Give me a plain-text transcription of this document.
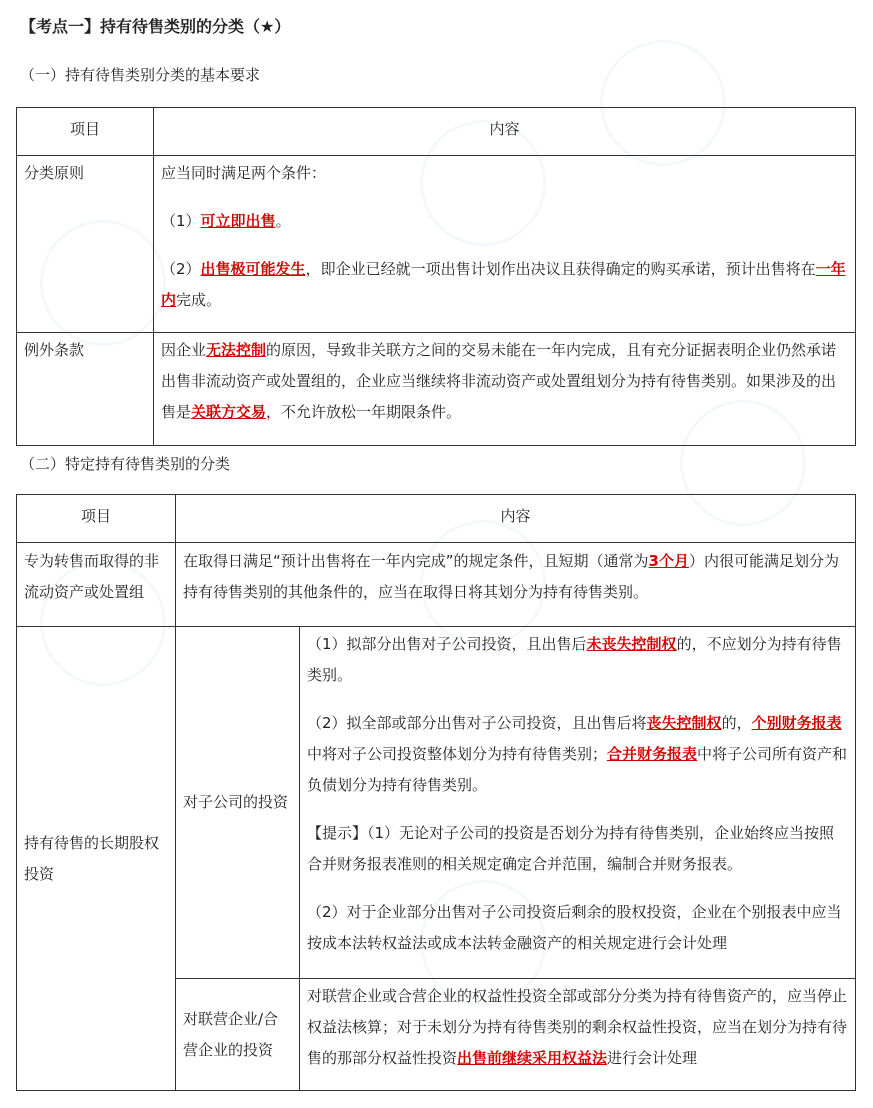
【考点一】持有待售类别的分类（★）
（一）持有待售类别分类的基本要求
项目	内容
分类原则	应当同时满足两个条件：

（1）可立即出售。

（2）出售极可能发生，即企业已经就一项出售计划作出决议且获得确定的购买承诺，预计出售将在一年内完成。

例外条款	因企业无法控制的原因，导致非关联方之间的交易未能在一年内完成，且有充分证据表明企业仍然承诺出售非流动资产或处置组的，企业应当继续将非流动资产或处置组划分为持有待售类别。如果涉及的出售是关联方交易，不允许放松一年期限条件。

（二）特定持有待售类别的分类
项目	内容	
专为转售而取得的非流动资产或处置组	在取得日满足“预计出售将在一年内完成”的规定条件，且短期（通常为3个月）内很可能满足划分为持有待售类别的其他条件的，应当在取得日将其划分为持有待售类别。	

持有待售的长期股权投资	对子公司的投资	（1）拟部分出售对子公司投资，且出售后未丧失控制权的，不应划分为持有待售类别。

（2）拟全部或部分出售对子公司投资，且出售后将丧失控制权的，个别财务报表中将对子公司投资整体划分为持有待售类别；合并财务报表中将子公司所有资产和负债划分为持有待售类别。

【提示】（1）无论对子公司的投资是否划分为持有待售类别，企业始终应当按照合并财务报表准则的相关规定确定合并范围，编制合并财务报表。

（2）对于企业部分出售对子公司投资后剩余的股权投资，企业在个别报表中应当按成本法转权益法或成本法转金融资产的相关规定进行会计处理

	对联营企业/合营企业的投资	对联营企业或合营企业的权益性投资全部或部分分类为持有待售资产的，应当停止权益法核算；对于未划分为持有待售类别的剩余权益性投资，应当在划分为持有待售的那部分权益性投资出售前继续采用权益法进行会计处理
